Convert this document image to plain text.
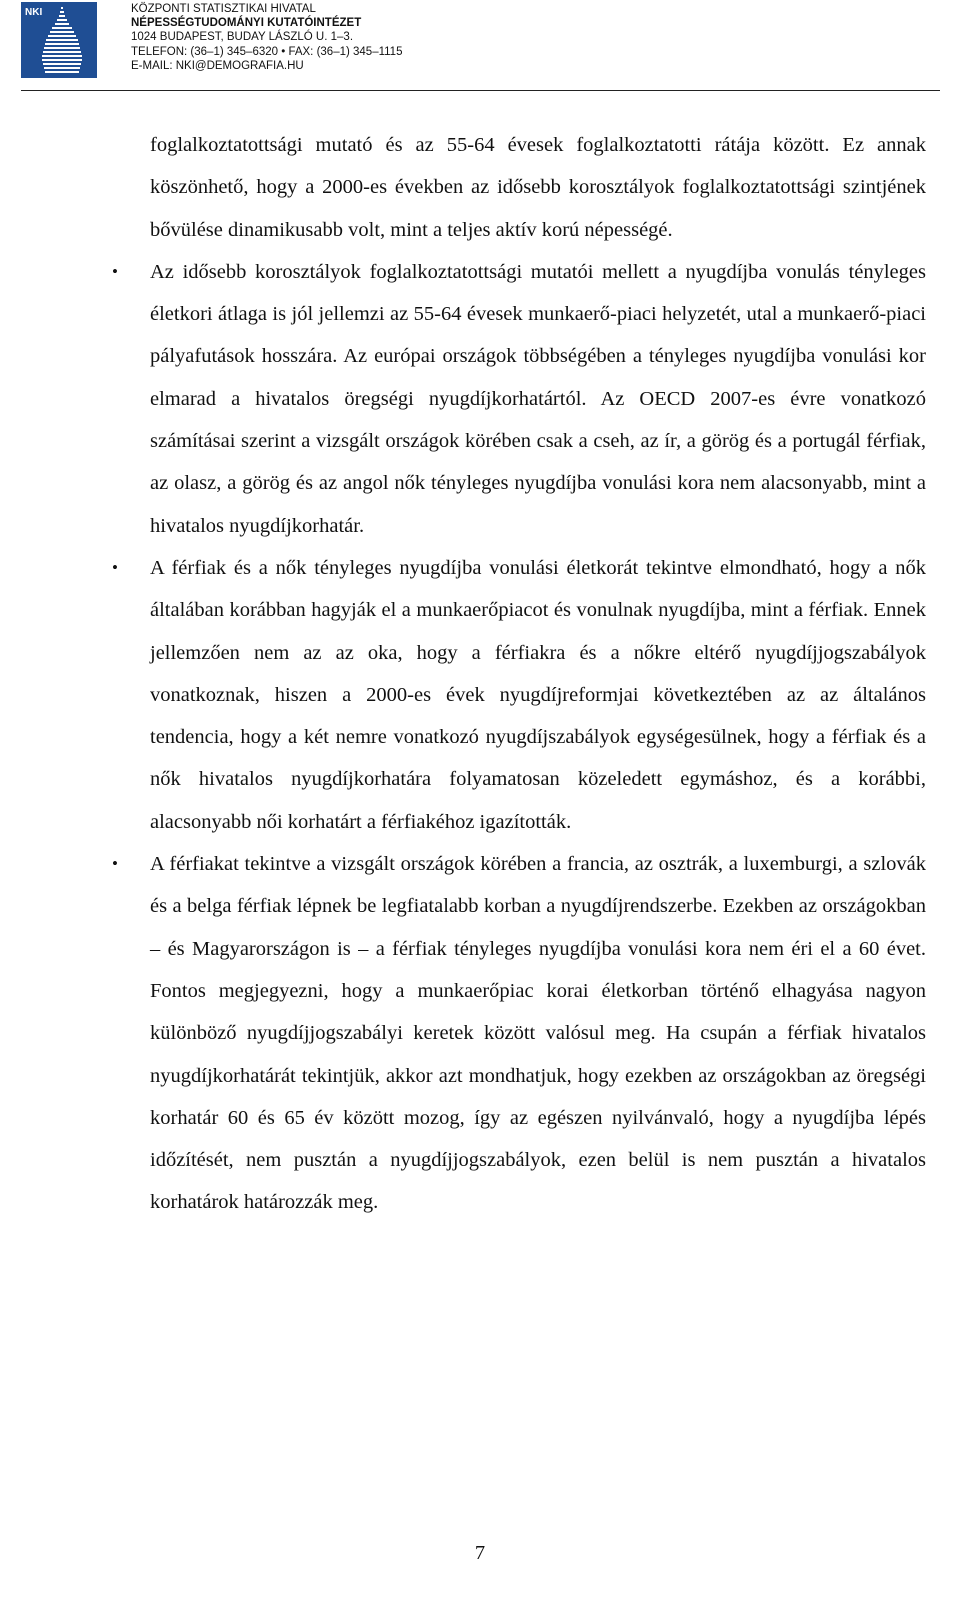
NKI	KÖZPONTI STATISZTIKAI HIVATAL
NÉPESSÉGTUDOMÁNYI KUTATÓINTÉZET
1024 BUDAPEST, BUDAY LÁSZLÓ U. 1–3.
TELEFON: (36–1) 345–6320 • FAX: (36–1) 345–1115
E-MAIL: NKI@DEMOGRAFIA.HU

foglalkoztatottsági mutató és az 55-64 évesek foglalkoztatotti rátája között. Ez annak köszönhető, hogy a 2000-es években az idősebb korosztályok foglalkoztatottsági szintjének bővülése dinamikusabb volt, mint a teljes aktív korú népességé.

•	Az idősebb korosztályok foglalkoztatottsági mutatói mellett a nyugdíjba vonulás tényleges életkori átlaga is jól jellemzi az 55-64 évesek munkaerő-piaci helyzetét, utal a munkaerő-piaci pályafutások hosszára. Az európai országok többségében a tényleges nyugdíjba vonulási kor elmarad a hivatalos öregségi nyugdíjkorhatártól. Az OECD 2007-es évre vonatkozó számításai szerint a vizsgált országok körében csak a cseh, az ír, a görög és a portugál férfiak, az olasz, a görög és az angol nők tényleges nyugdíjba vonulási kora nem alacsonyabb, mint a hivatalos nyugdíjkorhatár.

•	A férfiak és a nők tényleges nyugdíjba vonulási életkorát tekintve elmondható, hogy a nők általában korábban hagyják el a munkaerőpiacot és vonulnak nyugdíjba, mint a férfiak. Ennek jellemzően nem az az oka, hogy a férfiakra és a nőkre eltérő nyugdíjjogszabályok vonatkoznak, hiszen a 2000-es évek nyugdíjreformjai következtében az az általános tendencia, hogy a két nemre vonatkozó nyugdíjszabályok egységesülnek, hogy a férfiak és a nők hivatalos nyugdíjkorhatára folyamatosan közeledett egymáshoz, és a korábbi, alacsonyabb női korhatárt a férfiakéhoz igazították.

•	A férfiakat tekintve a vizsgált országok körében a francia, az osztrák, a luxemburgi, a szlovák és a belga férfiak lépnek be legfiatalabb korban a nyugdíjrendszerbe. Ezekben az országokban – és Magyarországon is – a férfiak tényleges nyugdíjba vonulási kora nem éri el a 60 évet. Fontos megjegyezni, hogy a munkaerőpiac korai életkorban történő elhagyása nagyon különböző nyugdíjjogszabályi keretek között valósul meg. Ha csupán a férfiak hivatalos nyugdíjkorhatárát tekintjük, akkor azt mondhatjuk, hogy ezekben az országokban az öregségi korhatár 60 és 65 év között mozog, így az egészen nyilvánvaló, hogy a nyugdíjba lépés időzítését, nem pusztán a nyugdíjjogszabályok, ezen belül is nem pusztán a hivatalos korhatárok határozzák meg.

7
